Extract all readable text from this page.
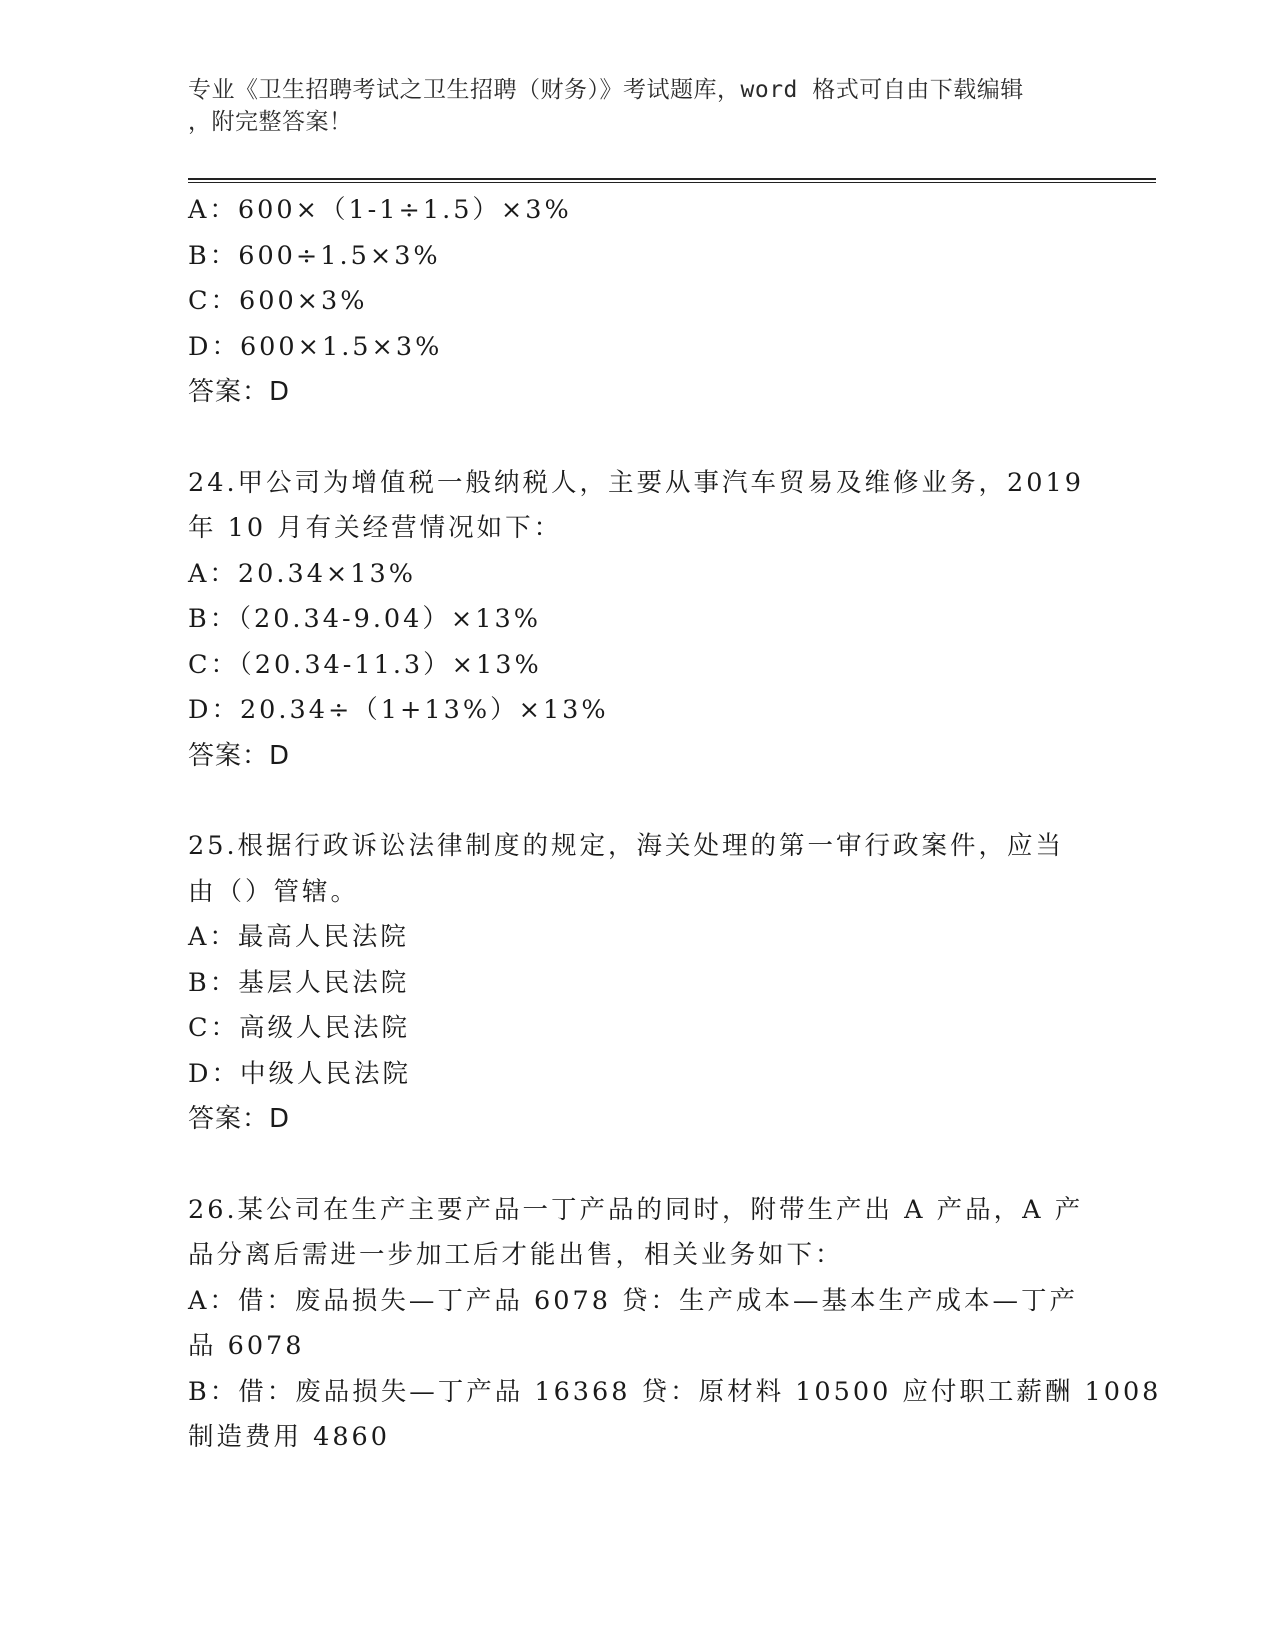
专业《卫生招聘考试之卫生招聘（财务）》考试题库，word 格式可自由下载编辑
，附完整答案！
A：600×（1-1÷1.5）×3%
B：600÷1.5×3%
C：600×3%
D：600×1.5×3%
答案：D
24.甲公司为增值税一般纳税人，主要从事汽车贸易及维修业务，2019
年 10 月有关经营情况如下：
A：20.34×13%
B：（20.34-9.04）×13%
C：（20.34-11.3）×13%
D：20.34÷（1+13%）×13%
答案：D
25.根据行政诉讼法律制度的规定，海关处理的第一审行政案件，应当
由（）管辖。
A：最高人民法院
B：基层人民法院
C：高级人民法院
D：中级人民法院
答案：D
26.某公司在生产主要产品一丁产品的同时，附带生产出 A 产品，A 产
品分离后需进一步加工后才能出售，相关业务如下：
A：借：废品损失—丁产品 6078 贷：生产成本—基本生产成本—丁产
品 6078
B：借：废品损失—丁产品 16368 贷：原材料 10500 应付职工薪酬 1008
制造费用 4860
